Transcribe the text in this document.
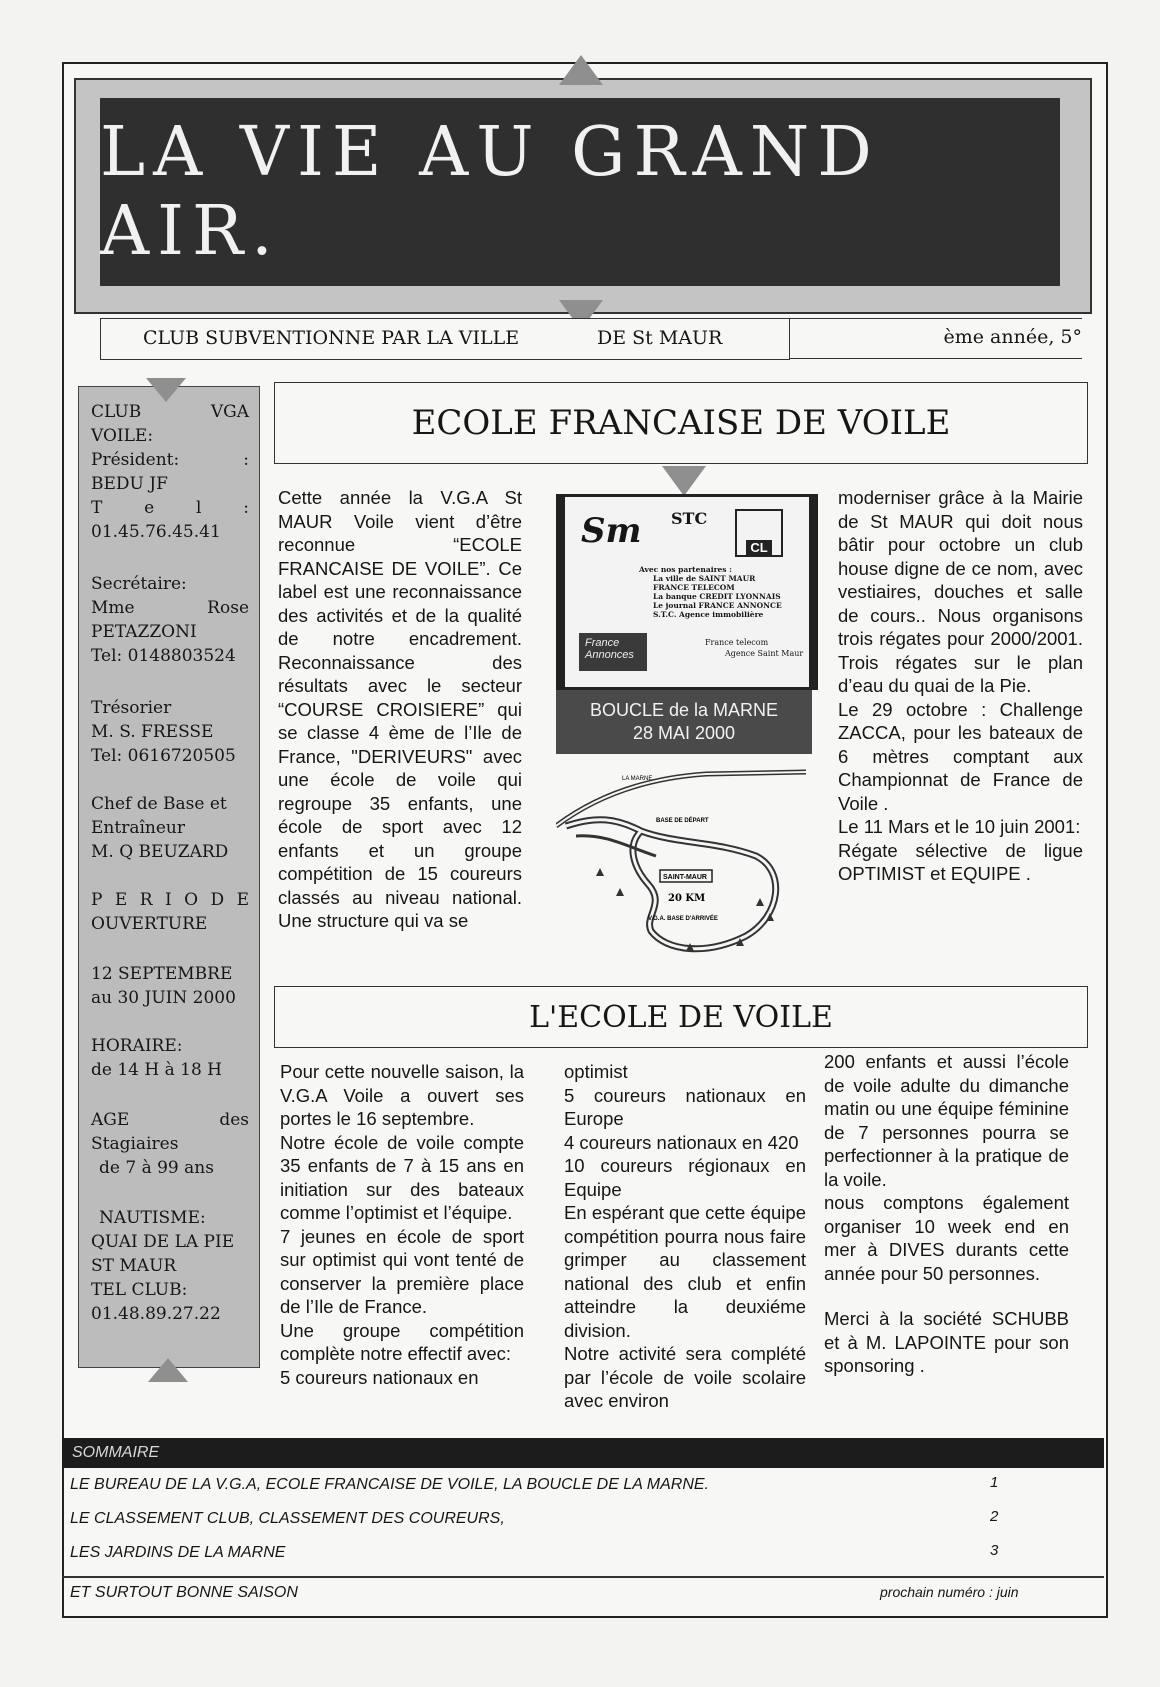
LA VIE AU GRAND AIR.
CLUB SUBVENTIONNE PAR LA VILLE	DE St MAUR	ème année, 5°
CLUB	VGA
VOILE:
Président:	:
BEDU JF
T e l :
01.45.76.45.41
Secrétaire:
Mme Rose
PETAZZONI
Tel: 0148803524
Trésorier
M. S. FRESSE
Tel: 0616720505
Chef de Base et
Entraîneur
M. Q BEUZARD
P E R I O D E
OUVERTURE
12 SEPTEMBRE
au 30 JUIN 2000
HORAIRE:
de 14 H à 18 H
AGE	des
Stagiaires
de 7 à 99 ans
NAUTISME:
QUAI DE LA PIE
ST MAUR
TEL CLUB:
01.48.89.27.22
ECOLE FRANCAISE DE VOILE

Cette année la V.G.A St MAUR Voile vient d’être reconnue “ECOLE FRANCAISE DE VOILE”. Ce label est une reconnaissance des activités et de la qualité de notre encadrement. Reconnaissance des résultats avec le secteur “COURSE CROISIERE” qui se classe 4 ème de l’Ile de France, "DERIVEURS" avec une école de voile qui regroupe 35 enfants, une école de sport avec 12 enfants et un groupe compétition de 15 coureurs classés au niveau national. Une structure qui va se

Sm STC
CL
Avec nos partenaires :
La ville de SAINT MAUR
FRANCE TELECOM
La banque CREDIT LYONNAIS
Le journal FRANCE ANNONCE
S.T.C. Agence immobilière
France Annonces
France telecom
Agence Saint Maur
BOUCLE de la MARNE
28 MAI 2000
LA MARNE
BASE DE DÉPART
SAINT-MAUR
20 KM
V.G.A. BASE D'ARRIVÉE

moderniser grâce à la Mairie de St MAUR qui doit nous bâtir pour octobre un club house digne de ce nom, avec vestiaires, douches et salle de cours.. Nous organisons trois régates pour 2000/2001. Trois régates sur le plan d’eau du quai de la Pie.

Le 29 octobre : Challenge ZACCA, pour les bateaux de 6 mètres comptant aux Championnat de France de Voile .

Le 11 Mars et le 10 juin 2001:

Régate sélective de ligue OPTIMIST et EQUIPE .

L'ECOLE DE VOILE

Pour cette nouvelle saison, la V.G.A Voile a ouvert ses portes le 16 septembre.

Notre école de voile compte 35 enfants de 7 à 15 ans en initiation sur des bateaux comme l’optimist et l’équipe.

7 jeunes en école de sport sur optimist qui vont tenté de conserver la première place de l’Ile de France.

Une groupe compétition complète notre effectif avec:

5 coureurs nationaux en

optimist

5 coureurs nationaux en Europe

4 coureurs nationaux en 420

10 coureurs régionaux en Equipe

En espérant que cette équipe compétition pourra nous faire grimper au classement national des club et enfin atteindre la deuxiéme division.

Notre activité sera complété par l’école de voile scolaire avec environ

200 enfants et aussi l’école de voile adulte du dimanche matin ou une équipe féminine de 7 personnes pourra se perfectionner à la pratique de la voile.

nous comptons également organiser 10 week end en mer à DIVES durants cette année pour 50 personnes.

Merci à la société SCHUBB et à M. LAPOINTE pour son sponsoring .

SOMMAIRE
LE BUREAU DE LA V.G.A, ECOLE FRANCAISE DE VOILE, LA BOUCLE DE LA MARNE.	1
LE CLASSEMENT CLUB, CLASSEMENT DES COUREURS,	2
LES JARDINS DE LA MARNE	3
ET SURTOUT BONNE SAISON	prochain numéro : juin
